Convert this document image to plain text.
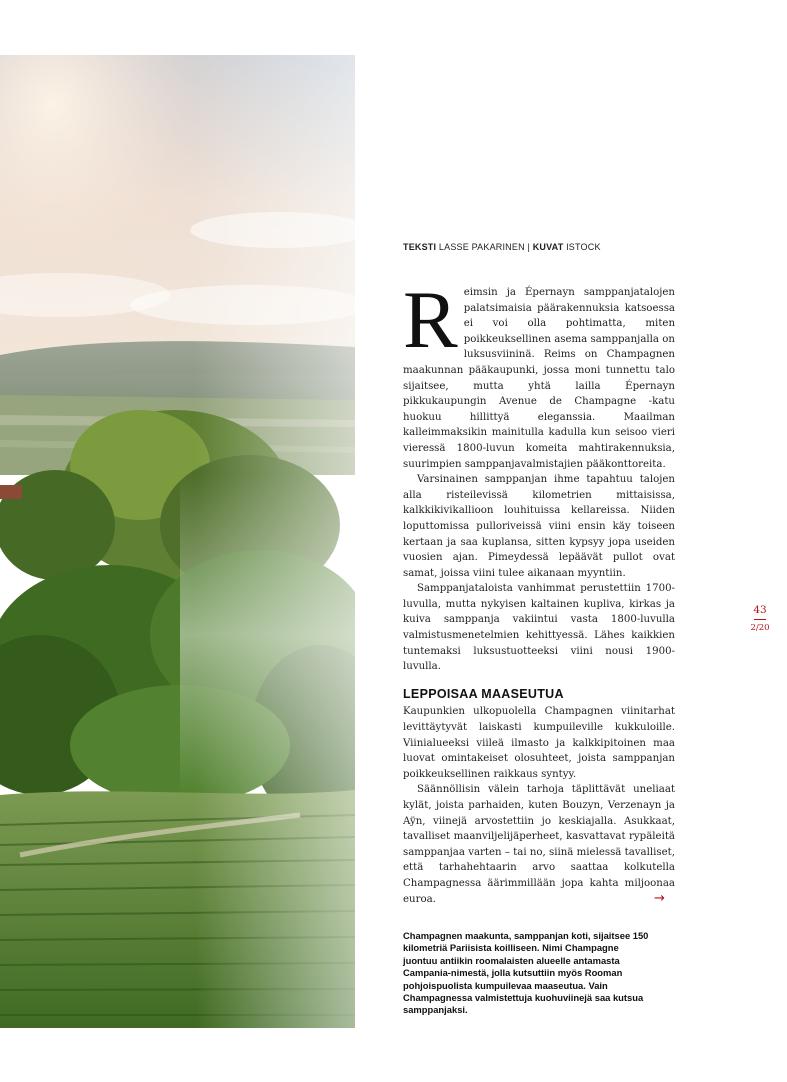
TEKSTI LASSE PAKARINEN | KUVAT ISTOCK
R eimsin ja Épernayn samppanjatalojen palatsimaisia päärakennuksia katsoessa ei voi olla pohtimatta, miten poikkeuksellinen asema samppanjalla on luksusviininä. Reims on Champagnen maakunnan pääkaupunki, jossa moni tunnettu talo sijaitsee, mutta yhtä lailla Épernayn pikkukaupungin Avenue de Champagne -katu huokuu hillittyä eleganssia. Maailman kalleimmaksikin mainitulla kadulla kun seisoo vieri vieressä 1800-luvun komeita mahtirakennuksia, suurimpien samppanjavalmistajien pääkonttoreita.

Varsinainen samppanjan ihme tapahtuu talojen alla risteilevissä kilometrien mittaisissa, kalkkikivikallioon louhituissa kellareissa. Niiden loputtomissa pulloriveissä viini ensin käy toiseen kertaan ja saa kuplansa, sitten kypsyy jopa useiden vuosien ajan. Pimeydessä lepäävät pullot ovat samat, joissa viini tulee aikanaan myyntiin.

Samppanjataloista vanhimmat perustettiin 1700-luvulla, mutta nykyisen kaltainen kupliva, kirkas ja kuiva samppanja vakiintui vasta 1800-luvulla valmistusmenetelmien kehittyessä. Lähes kaikkien tuntemaksi luksustuotteeksi viini nousi 1900-luvulla.

LEPPOISAA MAASEUTUA

Kaupunkien ulkopuolella Champagnen viinitarhat levittäytyvät laiskasti kumpuileville kukkuloille. Viinialueeksi viileä ilmasto ja kalkkipitoinen maa luovat omintakeiset olosuhteet, joista samppanjan poikkeuksellinen raikkaus syntyy.

Säännöllisin välein tarhoja täplittävät uneliaat kylät, joista parhaiden, kuten Bouzyn, Verzenayn ja Aÿn, viinejä arvostettiin jo keskiajalla. Asukkaat, tavalliset maanviljelijäperheet, kasvattavat rypäleitä samppanjaa varten – tai no, siinä mielessä tavalliset, että tarhahehtaarin arvo saattaa kolkutella Champagnessa äärimmillään jopa kahta miljoonaa euroa.	→
Champagnen maakunta, samppanjan koti, sijaitsee 150 kilometriä Pariisista koilliseen. Nimi Champagne juontuu antiikin roomalaisten alueelle antamasta Campania-nimestä, jolla kutsuttiin myös Rooman pohjoispuolista kumpuilevaa maaseutua. Vain Champagnessa valmistettuja kuohuviinejä saa kutsua samppanjaksi.
43
2/20
